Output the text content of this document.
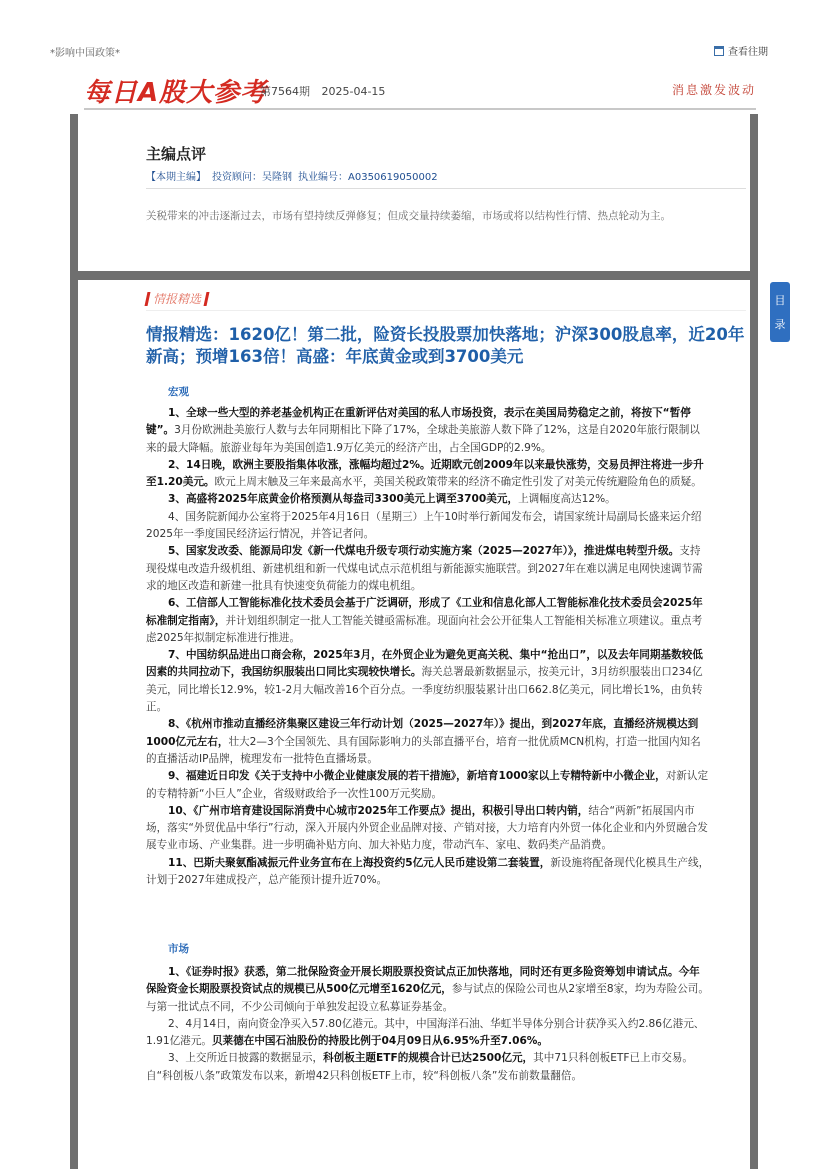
*影响中国政策*	查看往期
每日A股大参考
第7564期 2025-04-15	消息激发波动
主编点评
【本期主编】 投资顾问：吴隆钢 执业编号：A0350619050002
关税带来的冲击逐渐过去，市场有望持续反弹修复；但成交量持续萎缩，市场或将以结构性行情、热点轮动为主。
情报精选
情报精选：1620亿！第二批，险资长投股票加快落地；沪深300股息率，近20年新高；预增163倍！高盛：年底黄金或到3700美元
目
录
宏观

1、全球一些大型的养老基金机构正在重新评估对美国的私人市场投资，表示在美国局势稳定之前，将按下“暂停键”。3月份欧洲赴美旅行人数与去年同期相比下降了17%，全球赴美旅游人数下降了12%，这是自2020年旅行限制以来的最大降幅。旅游业每年为美国创造1.9万亿美元的经济产出，占全国GDP的2.9%。

2、14日晚，欧洲主要股指集体收涨，涨幅均超过2%。近期欧元创2009年以来最快涨势，交易员押注将进一步升至1.20美元。欧元上周末触及三年来最高水平，美国关税政策带来的经济不确定性引发了对美元传统避险角色的质疑。

3、高盛将2025年底黄金价格预测从每盎司3300美元上调至3700美元，上调幅度高达12%。

4、国务院新闻办公室将于2025年4月16日（星期三）上午10时举行新闻发布会，请国家统计局副局长盛来运介绍2025年一季度国民经济运行情况，并答记者问。

5、国家发改委、能源局印发《新一代煤电升级专项行动实施方案（2025—2027年）》，推进煤电转型升级。支持现役煤电改造升级机组、新建机组和新一代煤电试点示范机组与新能源实施联营。到2027年在难以满足电网快速调节需求的地区改造和新建一批具有快速变负荷能力的煤电机组。

6、工信部人工智能标准化技术委员会基于广泛调研，形成了《工业和信息化部人工智能标准化技术委员会2025年标准制定指南》，并计划组织制定一批人工智能关键亟需标准。现面向社会公开征集人工智能相关标准立项建议。重点考虑2025年拟制定标准进行推进。

7、中国纺织品进出口商会称，2025年3月，在外贸企业为避免更高关税、集中“抢出口”，以及去年同期基数较低因素的共同拉动下，我国纺织服装出口同比实现较快增长。海关总署最新数据显示，按美元计，3月纺织服装出口234亿美元，同比增长12.9%，较1-2月大幅改善16个百分点。一季度纺织服装累计出口662.8亿美元，同比增长1%，由负转正。

8、《杭州市推动直播经济集聚区建设三年行动计划（2025—2027年）》提出，到2027年底，直播经济规模达到1000亿元左右，壮大2—3个全国领先、具有国际影响力的头部直播平台，培育一批优质MCN机构，打造一批国内知名的直播活动IP品牌，梳理发布一批特色直播场景。

9、福建近日印发《关于支持中小微企业健康发展的若干措施》，新培育1000家以上专精特新中小微企业，对新认定的专精特新“小巨人”企业，省级财政给予一次性100万元奖励。

10、《广州市培育建设国际消费中心城市2025年工作要点》提出，积极引导出口转内销，结合“两新”拓展国内市场，落实“外贸优品中华行”行动，深入开展内外贸企业品牌对接、产销对接，大力培育内外贸一体化企业和内外贸融合发展专业市场、产业集群。进一步明确补贴方向、加大补贴力度，带动汽车、家电、数码类产品消费。

11、巴斯夫聚氨酯减振元件业务宣布在上海投资约5亿元人民币建设第二套装置，新设施将配备现代化模具生产线，计划于2027年建成投产，总产能预计提升近70%。

市场

1、《证券时报》获悉，第二批保险资金开展长期股票投资试点正加快落地，同时还有更多险资筹划申请试点。今年保险资金长期股票投资试点的规模已从500亿元增至1620亿元，参与试点的保险公司也从2家增至8家，均为寿险公司。与第一批试点不同，不少公司倾向于单独发起设立私募证券基金。

2、4月14日，南向资金净买入57.80亿港元。其中，中国海洋石油、华虹半导体分别合计获净买入约2.86亿港元、1.91亿港元。贝莱德在中国石油股份的持股比例于04月09日从6.95%升至7.06%。

3、上交所近日披露的数据显示，科创板主题ETF的规模合计已达2500亿元，其中71只科创板ETF已上市交易。自“科创板八条”政策发布以来，新增42只科创板ETF上市，较“科创板八条”发布前数量翻倍。
